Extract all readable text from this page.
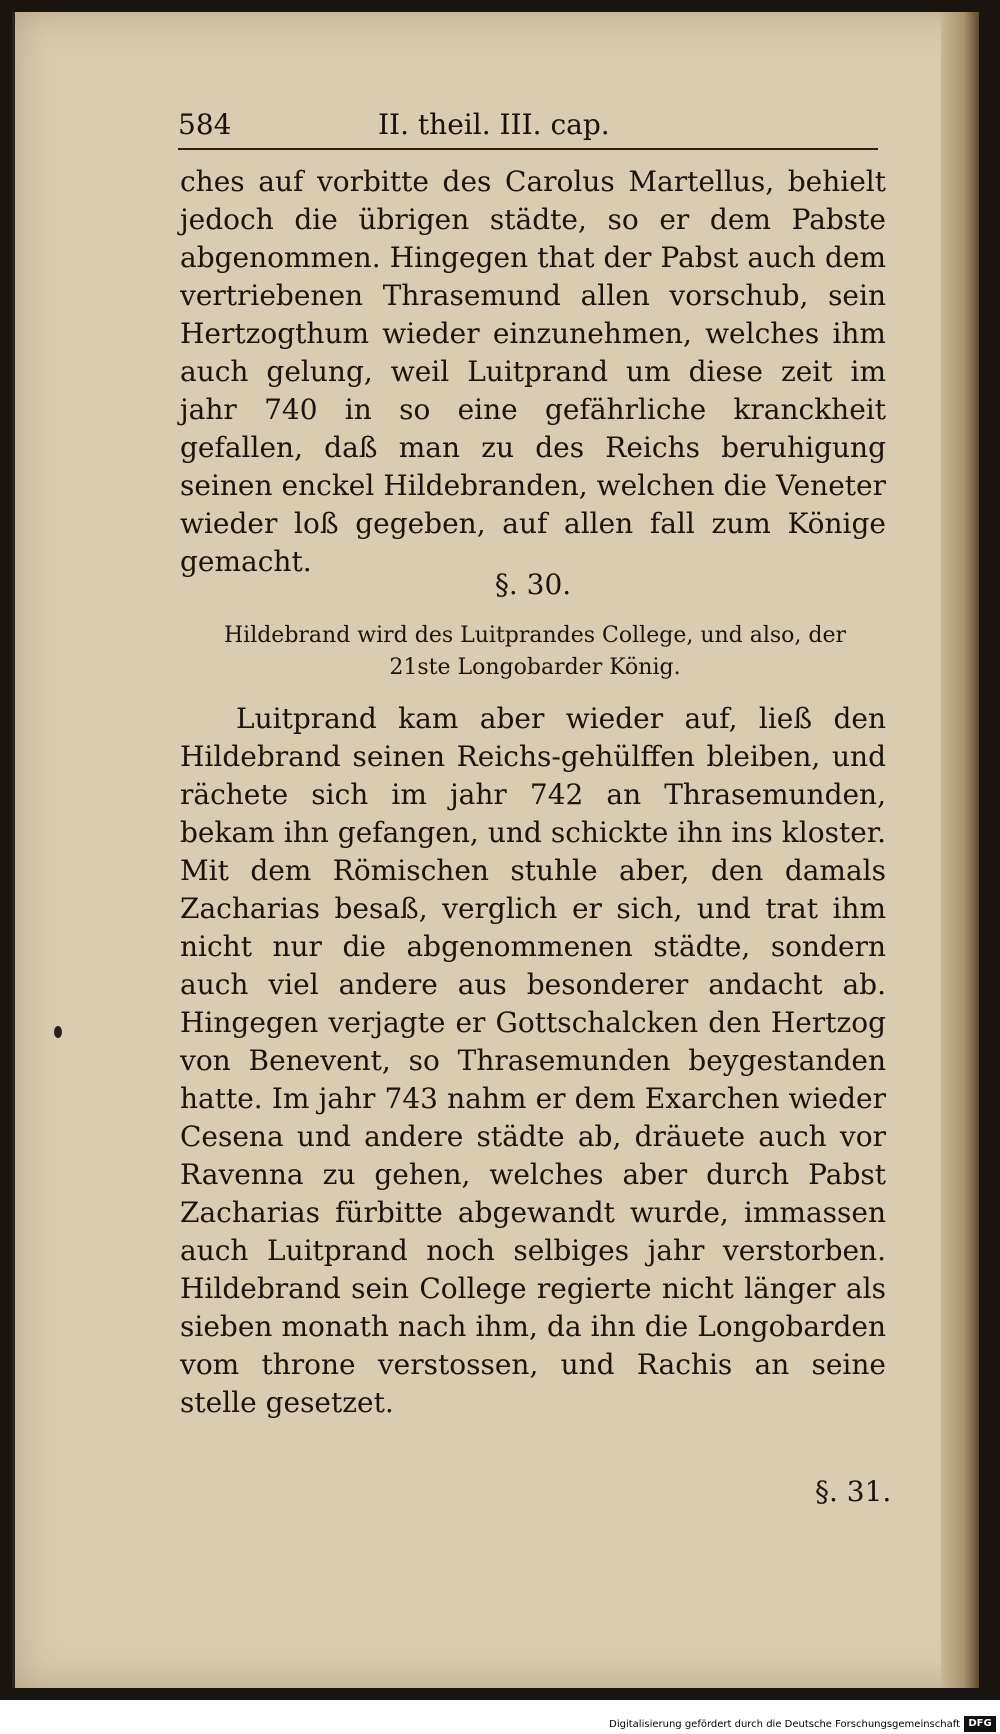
584	II. theil. III. cap.
ches auf vorbitte des Carolus Martellus, behielt jedoch die übrigen städte, so er dem Pabste abgenommen. Hingegen that der Pabst auch dem vertriebenen Thrasemund allen vorschub, sein Hertzogthum wieder einzunehmen, welches ihm auch gelung, weil Luitprand um diese zeit im jahr 740 in so eine gefährliche kranckheit gefallen, daß man zu des Reichs beruhigung seinen enckel Hildebranden, welchen die Veneter wieder loß gegeben, auf allen fall zum Könige gemacht.
§. 30.
Hildebrand wird des Luitprandes College, und also, der 21ste Longobarder König.
Luitprand kam aber wieder auf, ließ den Hildebrand seinen Reichs-gehülffen bleiben, und rächete sich im jahr 742 an Thrasemunden, bekam ihn gefangen, und schickte ihn ins kloster. Mit dem Römischen stuhle aber, den damals Zacharias besaß, verglich er sich, und trat ihm nicht nur die abgenommenen städte, sondern auch viel andere aus besonderer andacht ab. Hingegen verjagte er Gottschalcken den Hertzog von Benevent, so Thrasemunden beygestanden hatte. Im jahr 743 nahm er dem Exarchen wieder Cesena und andere städte ab, dräuete auch vor Ravenna zu gehen, welches aber durch Pabst Zacharias fürbitte abgewandt wurde, immassen auch Luitprand noch selbiges jahr verstorben. Hildebrand sein College regierte nicht länger als sieben monath nach ihm, da ihn die Longobarden vom throne verstossen, und Rachis an seine stelle gesetzet.
§. 31.
Digitalisierung gefördert durch die Deutsche Forschungsgemeinschaft DFG
